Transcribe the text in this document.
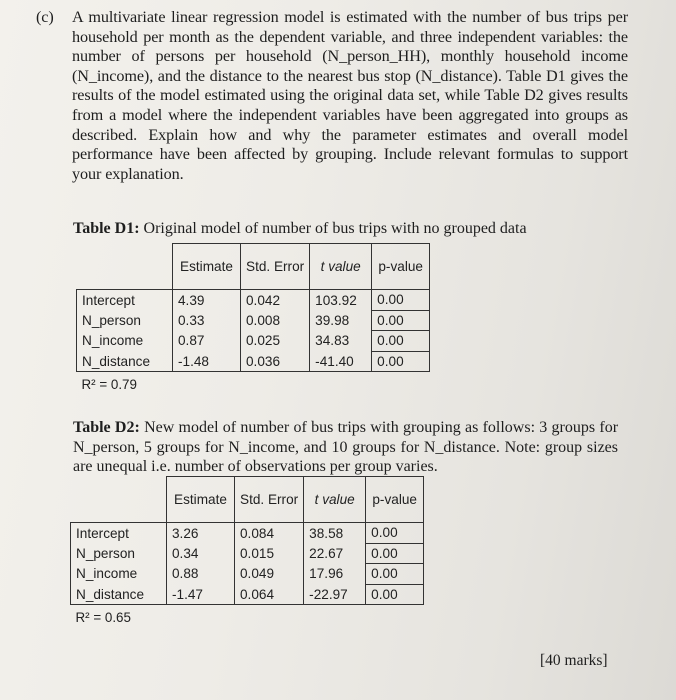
(c) A multivariate linear regression model is estimated with the number of bus trips per household per month as the dependent variable, and three independent variables: the number of persons per household (N_person_HH), monthly household income (N_income), and the distance to the nearest bus stop (N_distance). Table D1 gives the results of the model estimated using the original data set, while Table D2 gives results from a model where the independent variables have been aggregated into groups as described. Explain how and why the parameter estimates and overall model performance have been affected by grouping. Include relevant formulas to support your explanation.
Table D1: Original model of number of bus trips with no grouped data
	Estimate	Std. Error	t value	p-value
Intercept	4.39	0.042	103.92	0.00
N_person	0.33	0.008	39.98	0.00
N_income	0.87	0.025	34.83	0.00
N_distance	-1.48	0.036	-41.40	0.00
R² = 0.79				
Table D2: New model of number of bus trips with grouping as follows: 3 groups for N_person, 5 groups for N_income, and 10 groups for N_distance. Note: group sizes are unequal i.e. number of observations per group varies.
	Estimate	Std. Error	t value	p-value
Intercept	3.26	0.084	38.58	0.00
N_person	0.34	0.015	22.67	0.00
N_income	0.88	0.049	17.96	0.00
N_distance	-1.47	0.064	-22.97	0.00
R² = 0.65				
[40 marks]
